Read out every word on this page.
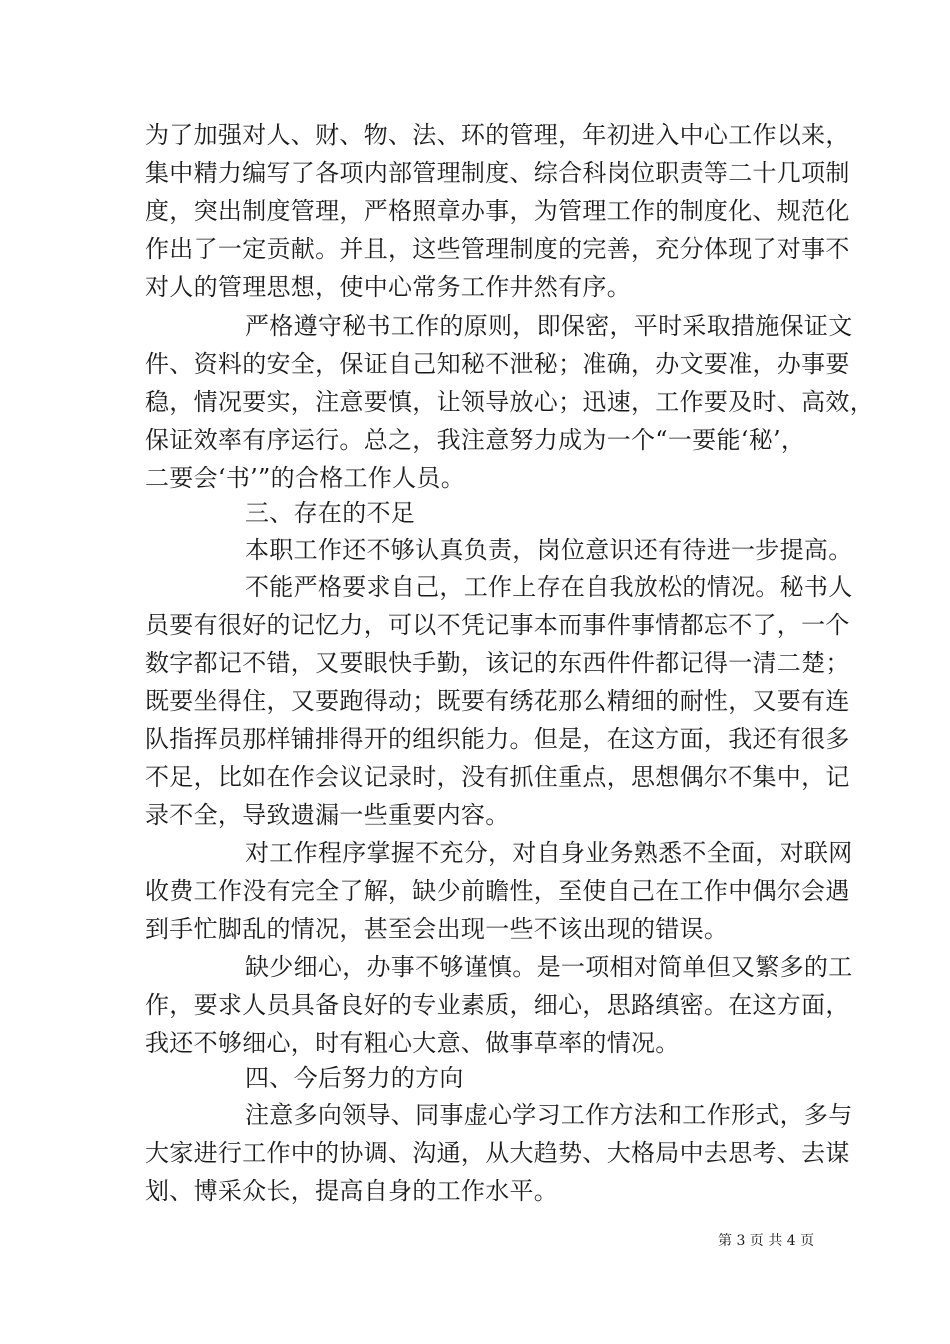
为了加强对人、财、物、法、环的管理，年初进入中心工作以来，
集中精力编写了各项内部管理制度、综合科岗位职责等二十几项制
度，突出制度管理，严格照章办事，为管理工作的制度化、规范化
作出了一定贡献。并且，这些管理制度的完善，充分体现了对事不
对人的管理思想，使中心常务工作井然有序。
严格遵守秘书工作的原则，即保密，平时采取措施保证文
件、资料的安全，保证自己知秘不泄秘；准确，办文要准，办事要
稳，情况要实，注意要慎，让领导放心；迅速，工作要及时、高效，
保证效率有序运行。总之，我注意努力成为一个“一要能‘秘’，
二要会‘书’”的合格工作人员。
三、存在的不足
本职工作还不够认真负责，岗位意识还有待进一步提高。
不能严格要求自己，工作上存在自我放松的情况。秘书人
员要有很好的记忆力，可以不凭记事本而事件事情都忘不了，一个
数字都记不错，又要眼快手勤，该记的东西件件都记得一清二楚；
既要坐得住，又要跑得动；既要有绣花那么精细的耐性，又要有连
队指挥员那样铺排得开的组织能力。但是，在这方面，我还有很多
不足，比如在作会议记录时，没有抓住重点，思想偶尔不集中，记
录不全，导致遗漏一些重要内容。
对工作程序掌握不充分，对自身业务熟悉不全面，对联网
收费工作没有完全了解，缺少前瞻性，至使自己在工作中偶尔会遇
到手忙脚乱的情况，甚至会出现一些不该出现的错误。
缺少细心，办事不够谨慎。是一项相对简单但又繁多的工
作，要求人员具备良好的专业素质，细心，思路缜密。在这方面，
我还不够细心，时有粗心大意、做事草率的情况。
四、今后努力的方向
注意多向领导、同事虚心学习工作方法和工作形式，多与
大家进行工作中的协调、沟通，从大趋势、大格局中去思考、去谋
划、博采众长，提高自身的工作水平。
第 3 页 共 4 页
